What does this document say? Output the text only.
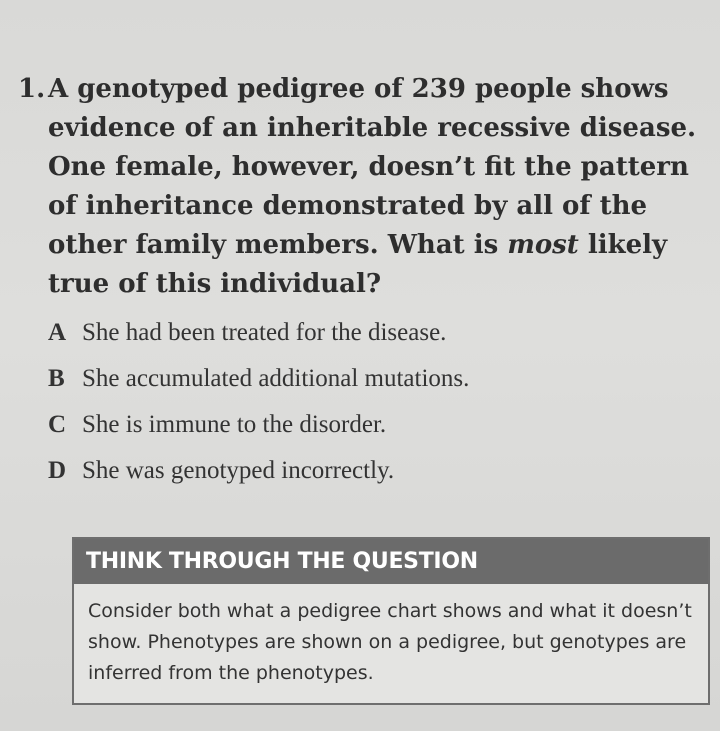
1. A genotyped pedigree of 239 people shows evidence of an inheritable recessive disease. One female, however, doesn’t fit the pattern of inheritance demonstrated by all of the other family members. What is most likely true of this individual?

A She had been treated for the disease.
B She accumulated additional mutations.
C She is immune to the disorder.
D She was genotyped incorrectly.
THINK THROUGH THE QUESTION

Consider both what a pedigree chart shows and what it doesn’t show. Phenotypes are shown on a pedigree, but genotypes are inferred from the phenotypes.
